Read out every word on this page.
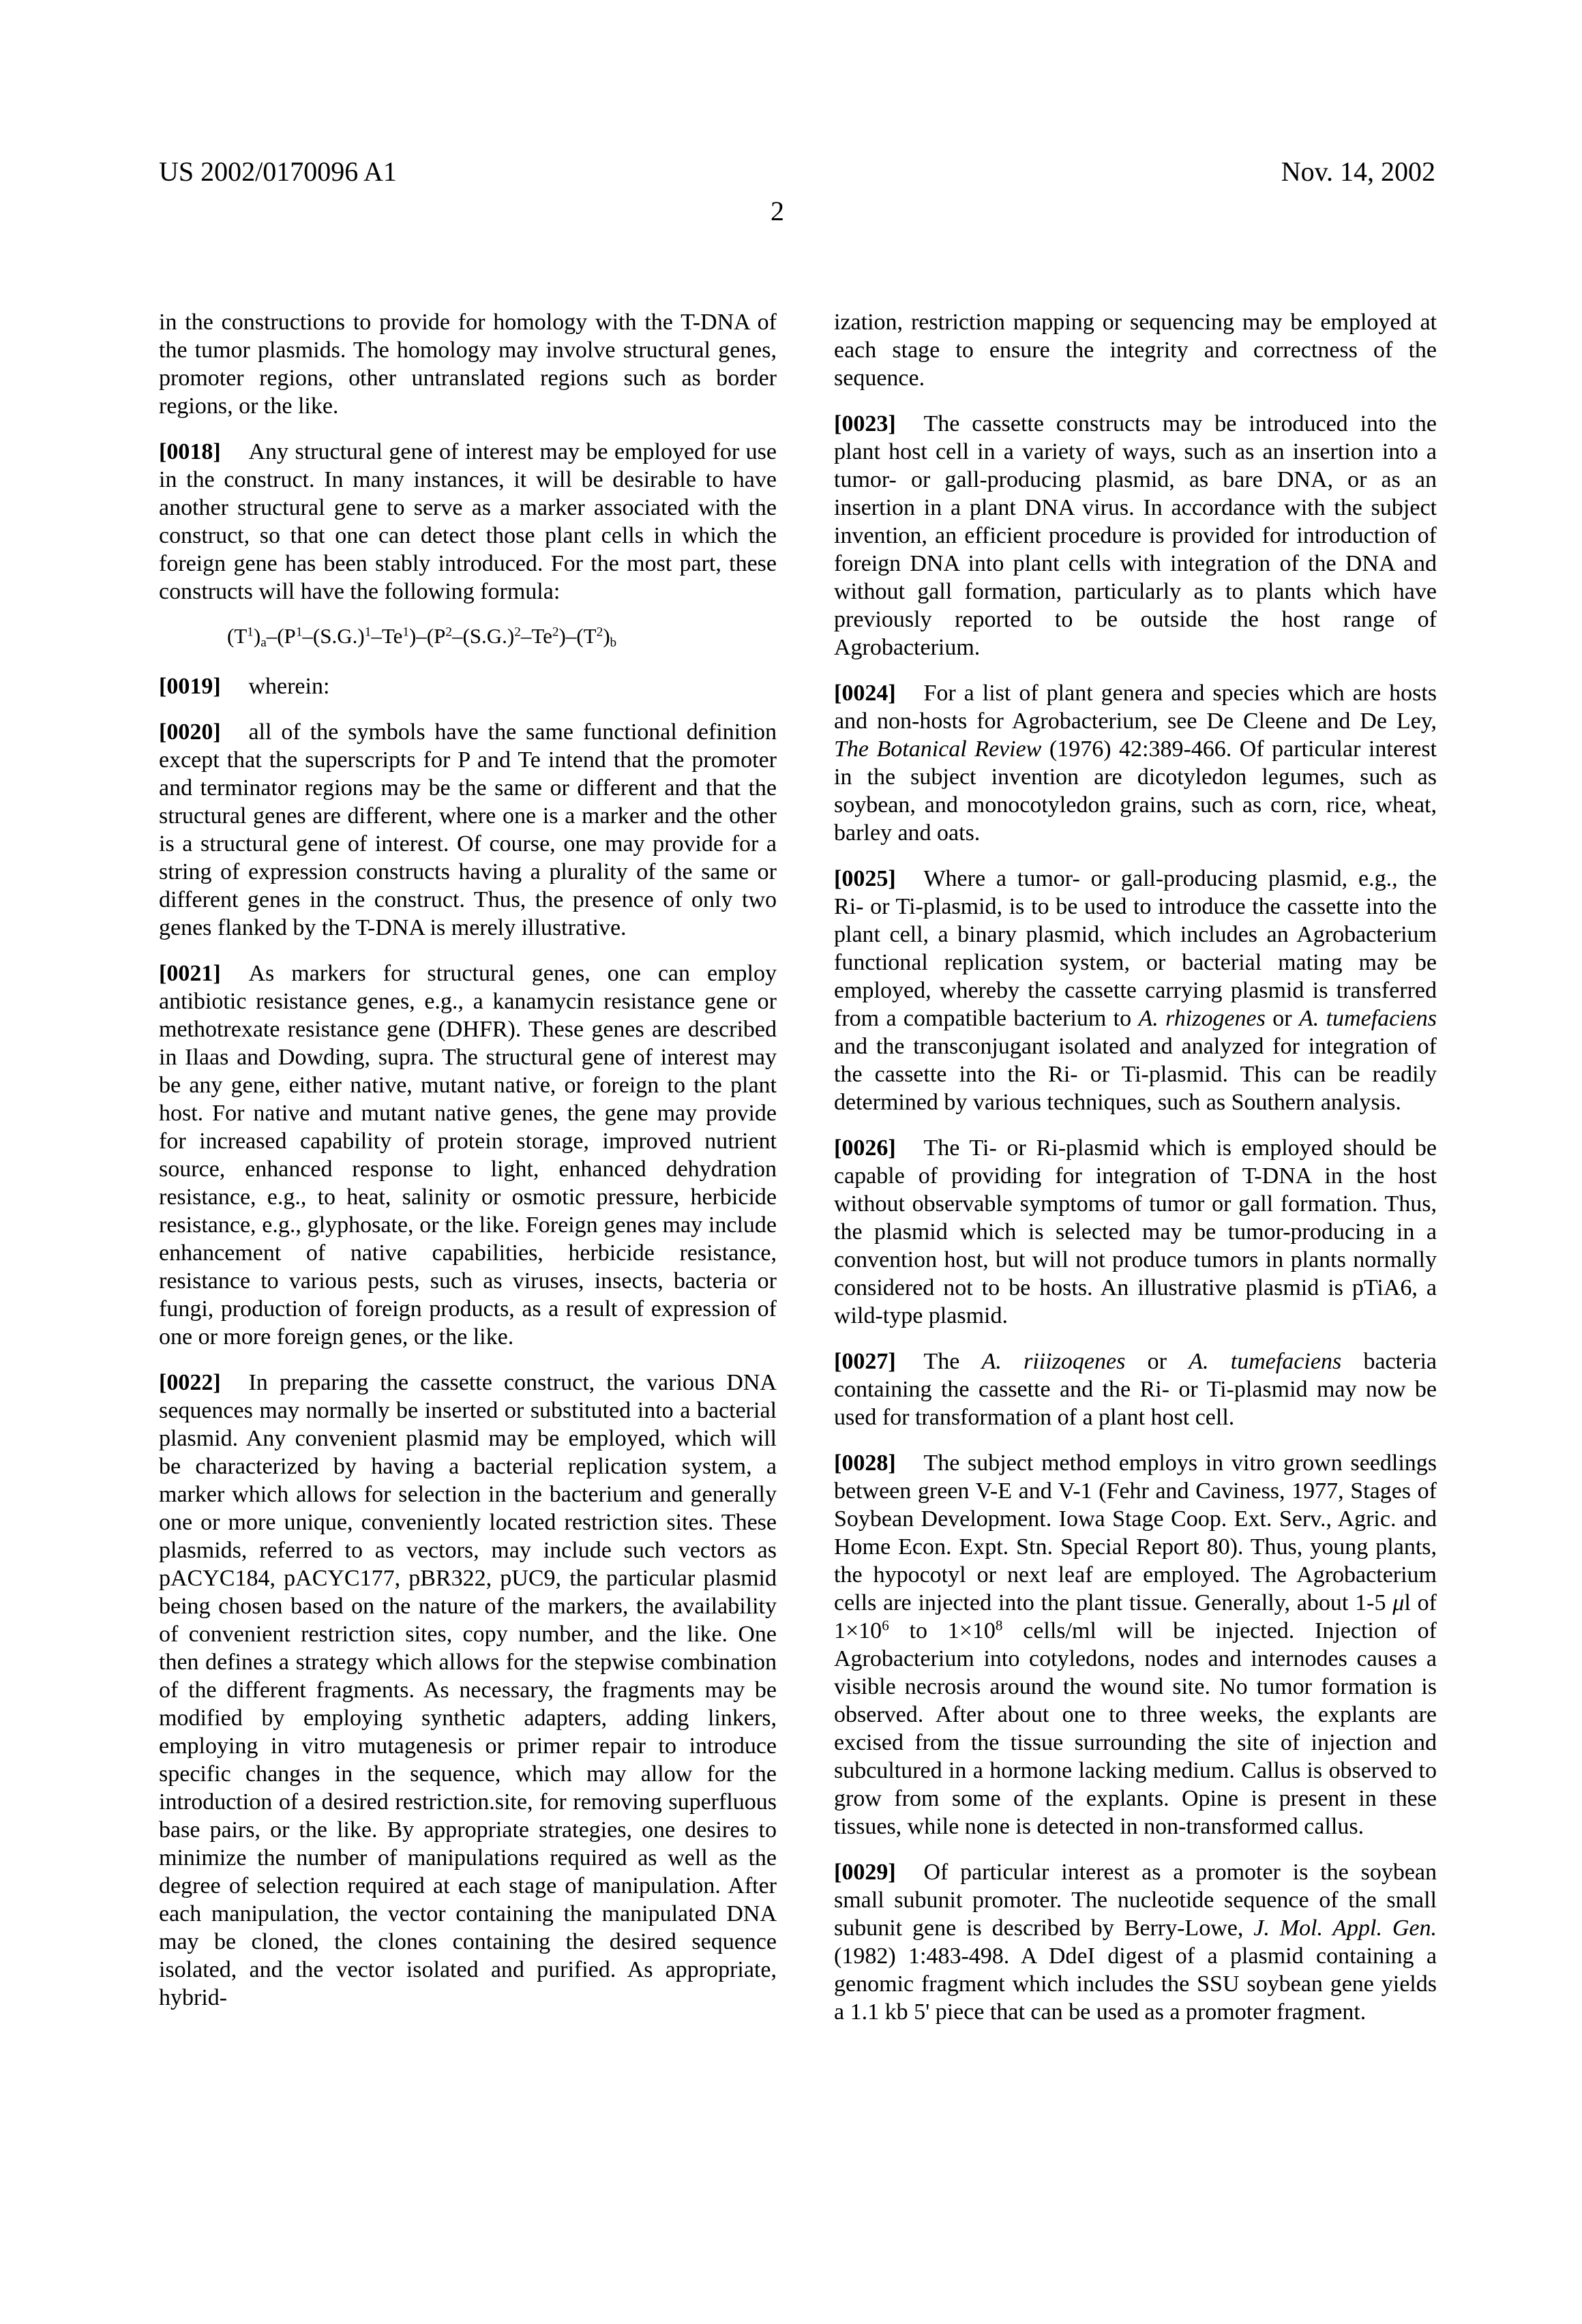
US 2002/0170096 A1	Nov. 14, 2002
2
in the constructions to provide for homology with the T-DNA of the tumor plasmids. The homology may involve structural genes, promoter regions, other untranslated regions such as border regions, or the like.
[0018] Any structural gene of interest may be employed for use in the construct. In many instances, it will be desirable to have another structural gene to serve as a marker associated with the construct, so that one can detect those plant cells in which the foreign gene has been stably introduced. For the most part, these constructs will have the following formula:
$(T^1)_a-(P^1-(S.G.)^1-Te^1)-(P^2-(S.G.)^2-Te^2)-(T^2)_b$
[0019] wherein:
[0020] all of the symbols have the same functional definition except that the superscripts for P and Te intend that the promoter and terminator regions may be the same or different and that the structural genes are different, where one is a marker and the other is a structural gene of interest. Of course, one may provide for a string of expression constructs having a plurality of the same or different genes in the construct. Thus, the presence of only two genes flanked by the T-DNA is merely illustrative.
[0021] As markers for structural genes, one can employ antibiotic resistance genes, e.g., a kanamycin resistance gene or methotrexate resistance gene (DHFR). These genes are described in Ilaas and Dowding, supra. The structural gene of interest may be any gene, either native, mutant native, or foreign to the plant host. For native and mutant native genes, the gene may provide for increased capability of protein storage, improved nutrient source, enhanced response to light, enhanced dehydration resistance, e.g., to heat, salinity or osmotic pressure, herbicide resistance, e.g., glyphosate, or the like. Foreign genes may include enhancement of native capabilities, herbicide resistance, resistance to various pests, such as viruses, insects, bacteria or fungi, production of foreign products, as a result of expression of one or more foreign genes, or the like.
[0022] In preparing the cassette construct, the various DNA sequences may normally be inserted or substituted into a bacterial plasmid. Any convenient plasmid may be employed, which will be characterized by having a bacterial replication system, a marker which allows for selection in the bacterium and generally one or more unique, conveniently located restriction sites. These plasmids, referred to as vectors, may include such vectors as pACYC184, pACYC177, pBR322, pUC9, the particular plasmid being chosen based on the nature of the markers, the availability of convenient restriction sites, copy number, and the like. One then defines a strategy which allows for the stepwise combination of the different fragments. As necessary, the fragments may be modified by employing synthetic adapters, adding linkers, employing in vitro mutagenesis or primer repair to introduce specific changes in the sequence, which may allow for the introduction of a desired restriction.site, for removing superfluous base pairs, or the like. By appropriate strategies, one desires to minimize the number of manipulations required as well as the degree of selection required at each stage of manipulation. After each manipulation, the vector containing the manipulated DNA may be cloned, the clones containing the desired sequence isolated, and the vector isolated and purified. As appropriate, hybrid-
ization, restriction mapping or sequencing may be employed at each stage to ensure the integrity and correctness of the sequence.
[0023] The cassette constructs may be introduced into the plant host cell in a variety of ways, such as an insertion into a tumor- or gall-producing plasmid, as bare DNA, or as an insertion in a plant DNA virus. In accordance with the subject invention, an efficient procedure is provided for introduction of foreign DNA into plant cells with integration of the DNA and without gall formation, particularly as to plants which have previously reported to be outside the host range of Agrobacterium.
[0024] For a list of plant genera and species which are hosts and non-hosts for Agrobacterium, see De Cleene and De Ley, The Botanical Review (1976) 42:389-466. Of particular interest in the subject invention are dicotyledon legumes, such as soybean, and monocotyledon grains, such as corn, rice, wheat, barley and oats.
[0025] Where a tumor- or gall-producing plasmid, e.g., the Ri- or Ti-plasmid, is to be used to introduce the cassette into the plant cell, a binary plasmid, which includes an Agrobacterium functional replication system, or bacterial mating may be employed, whereby the cassette carrying plasmid is transferred from a compatible bacterium to A. rhizogenes or A. tumefaciens and the transconjugant isolated and analyzed for integration of the cassette into the Ri- or Ti-plasmid. This can be readily determined by various techniques, such as Southern analysis.
[0026] The Ti- or Ri-plasmid which is employed should be capable of providing for integration of T-DNA in the host without observable symptoms of tumor or gall formation. Thus, the plasmid which is selected may be tumor-producing in a convention host, but will not produce tumors in plants normally considered not to be hosts. An illustrative plasmid is pTiA6, a wild-type plasmid.
[0027] The A. riiizoqenes or A. tumefaciens bacteria containing the cassette and the Ri- or Ti-plasmid may now be used for transformation of a plant host cell.
[0028] The subject method employs in vitro grown seedlings between green V-E and V-1 (Fehr and Caviness, 1977, Stages of Soybean Development. Iowa Stage Coop. Ext. Serv., Agric. and Home Econ. Expt. Stn. Special Report 80). Thus, young plants, the hypocotyl or next leaf are employed. The Agrobacterium cells are injected into the plant tissue. Generally, about 1-5 μl of $1\times 10^6$ to $1\times 10^8$ cells/ml will be injected. Injection of Agrobacterium into cotyledons, nodes and internodes causes a visible necrosis around the wound site. No tumor formation is observed. After about one to three weeks, the explants are excised from the tissue surrounding the site of injection and subcultured in a hormone lacking medium. Callus is observed to grow from some of the explants. Opine is present in these tissues, while none is detected in non-transformed callus.
[0029] Of particular interest as a promoter is the soybean small subunit promoter. The nucleotide sequence of the small subunit gene is described by Berry-Lowe, J. Mol. Appl. Gen. (1982) 1:483-498. A DdeI digest of a plasmid containing a genomic fragment which includes the SSU soybean gene yields a 1.1 kb 5' piece that can be used as a promoter fragment.
